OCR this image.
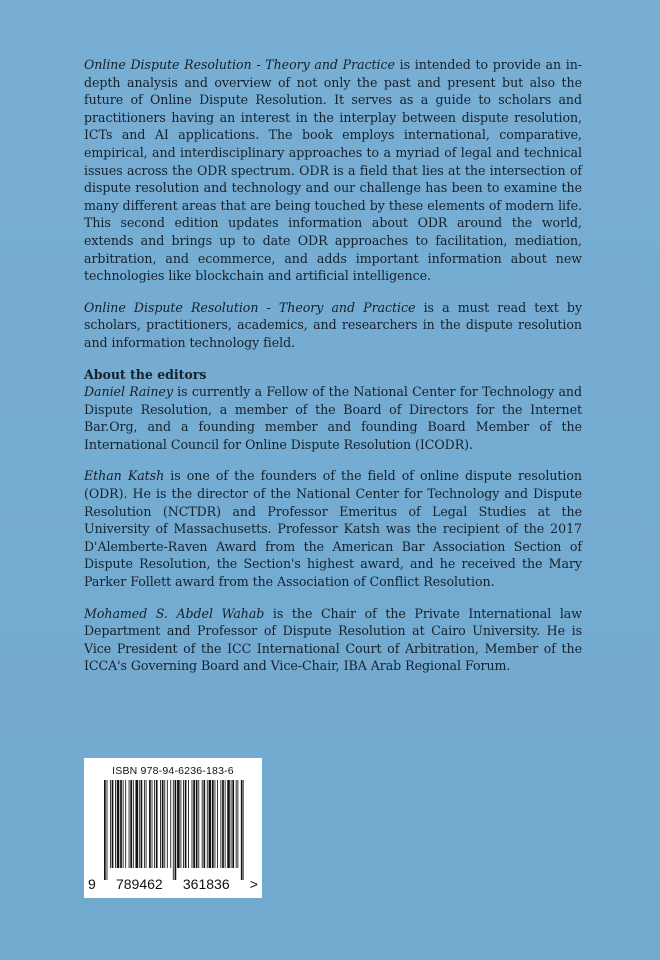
Online Dispute Resolution - Theory and Practice is intended to provide an in-depth analysis and overview of not only the past and present but also the future of Online Dispute Resolution. It serves as a guide to scholars and practitioners having an interest in the interplay between dispute resolution, ICTs and AI applications. The book employs international, comparative, empirical, and interdisciplinary approaches to a myriad of legal and technical issues across the ODR spectrum. ODR is a field that lies at the intersection of dispute resolution and technology and our challenge has been to examine the many different areas that are being touched by these elements of modern life. This second edition updates information about ODR around the world, extends and brings up to date ODR approaches to facilitation, mediation, arbitration, and ecommerce, and adds important information about new technologies like blockchain and artificial intelligence.

Online Dispute Resolution - Theory and Practice is a must read text by scholars, practitioners, academics, and researchers in the dispute resolution and information technology field.

About the editors

Daniel Rainey is currently a Fellow of the National Center for Technology and Dispute Resolution, a member of the Board of Directors for the Internet Bar.Org, and a founding member and founding Board Member of the International Council for Online Dispute Resolution (ICODR).

Ethan Katsh is one of the founders of the field of online dispute resolution (ODR). He is the director of the National Center for Technology and Dispute Resolution (NCTDR) and Professor Emeritus of Legal Studies at the University of Massachusetts. Professor Katsh was the recipient of the 2017 D'Alemberte-Raven Award from the American Bar Association Section of Dispute Resolution, the Section's highest award, and he received the Mary Parker Follett award from the Association of Conflict Resolution.

Mohamed S. Abdel Wahab is the Chair of the Private International law Department and Professor of Dispute Resolution at Cairo University. He is Vice President of the ICC International Court of Arbitration, Member of the ICCA's Governing Board and Vice-Chair, IBA Arab Regional Forum.

ISBN 978-94-6236-183-6
9 789462 361836 >
